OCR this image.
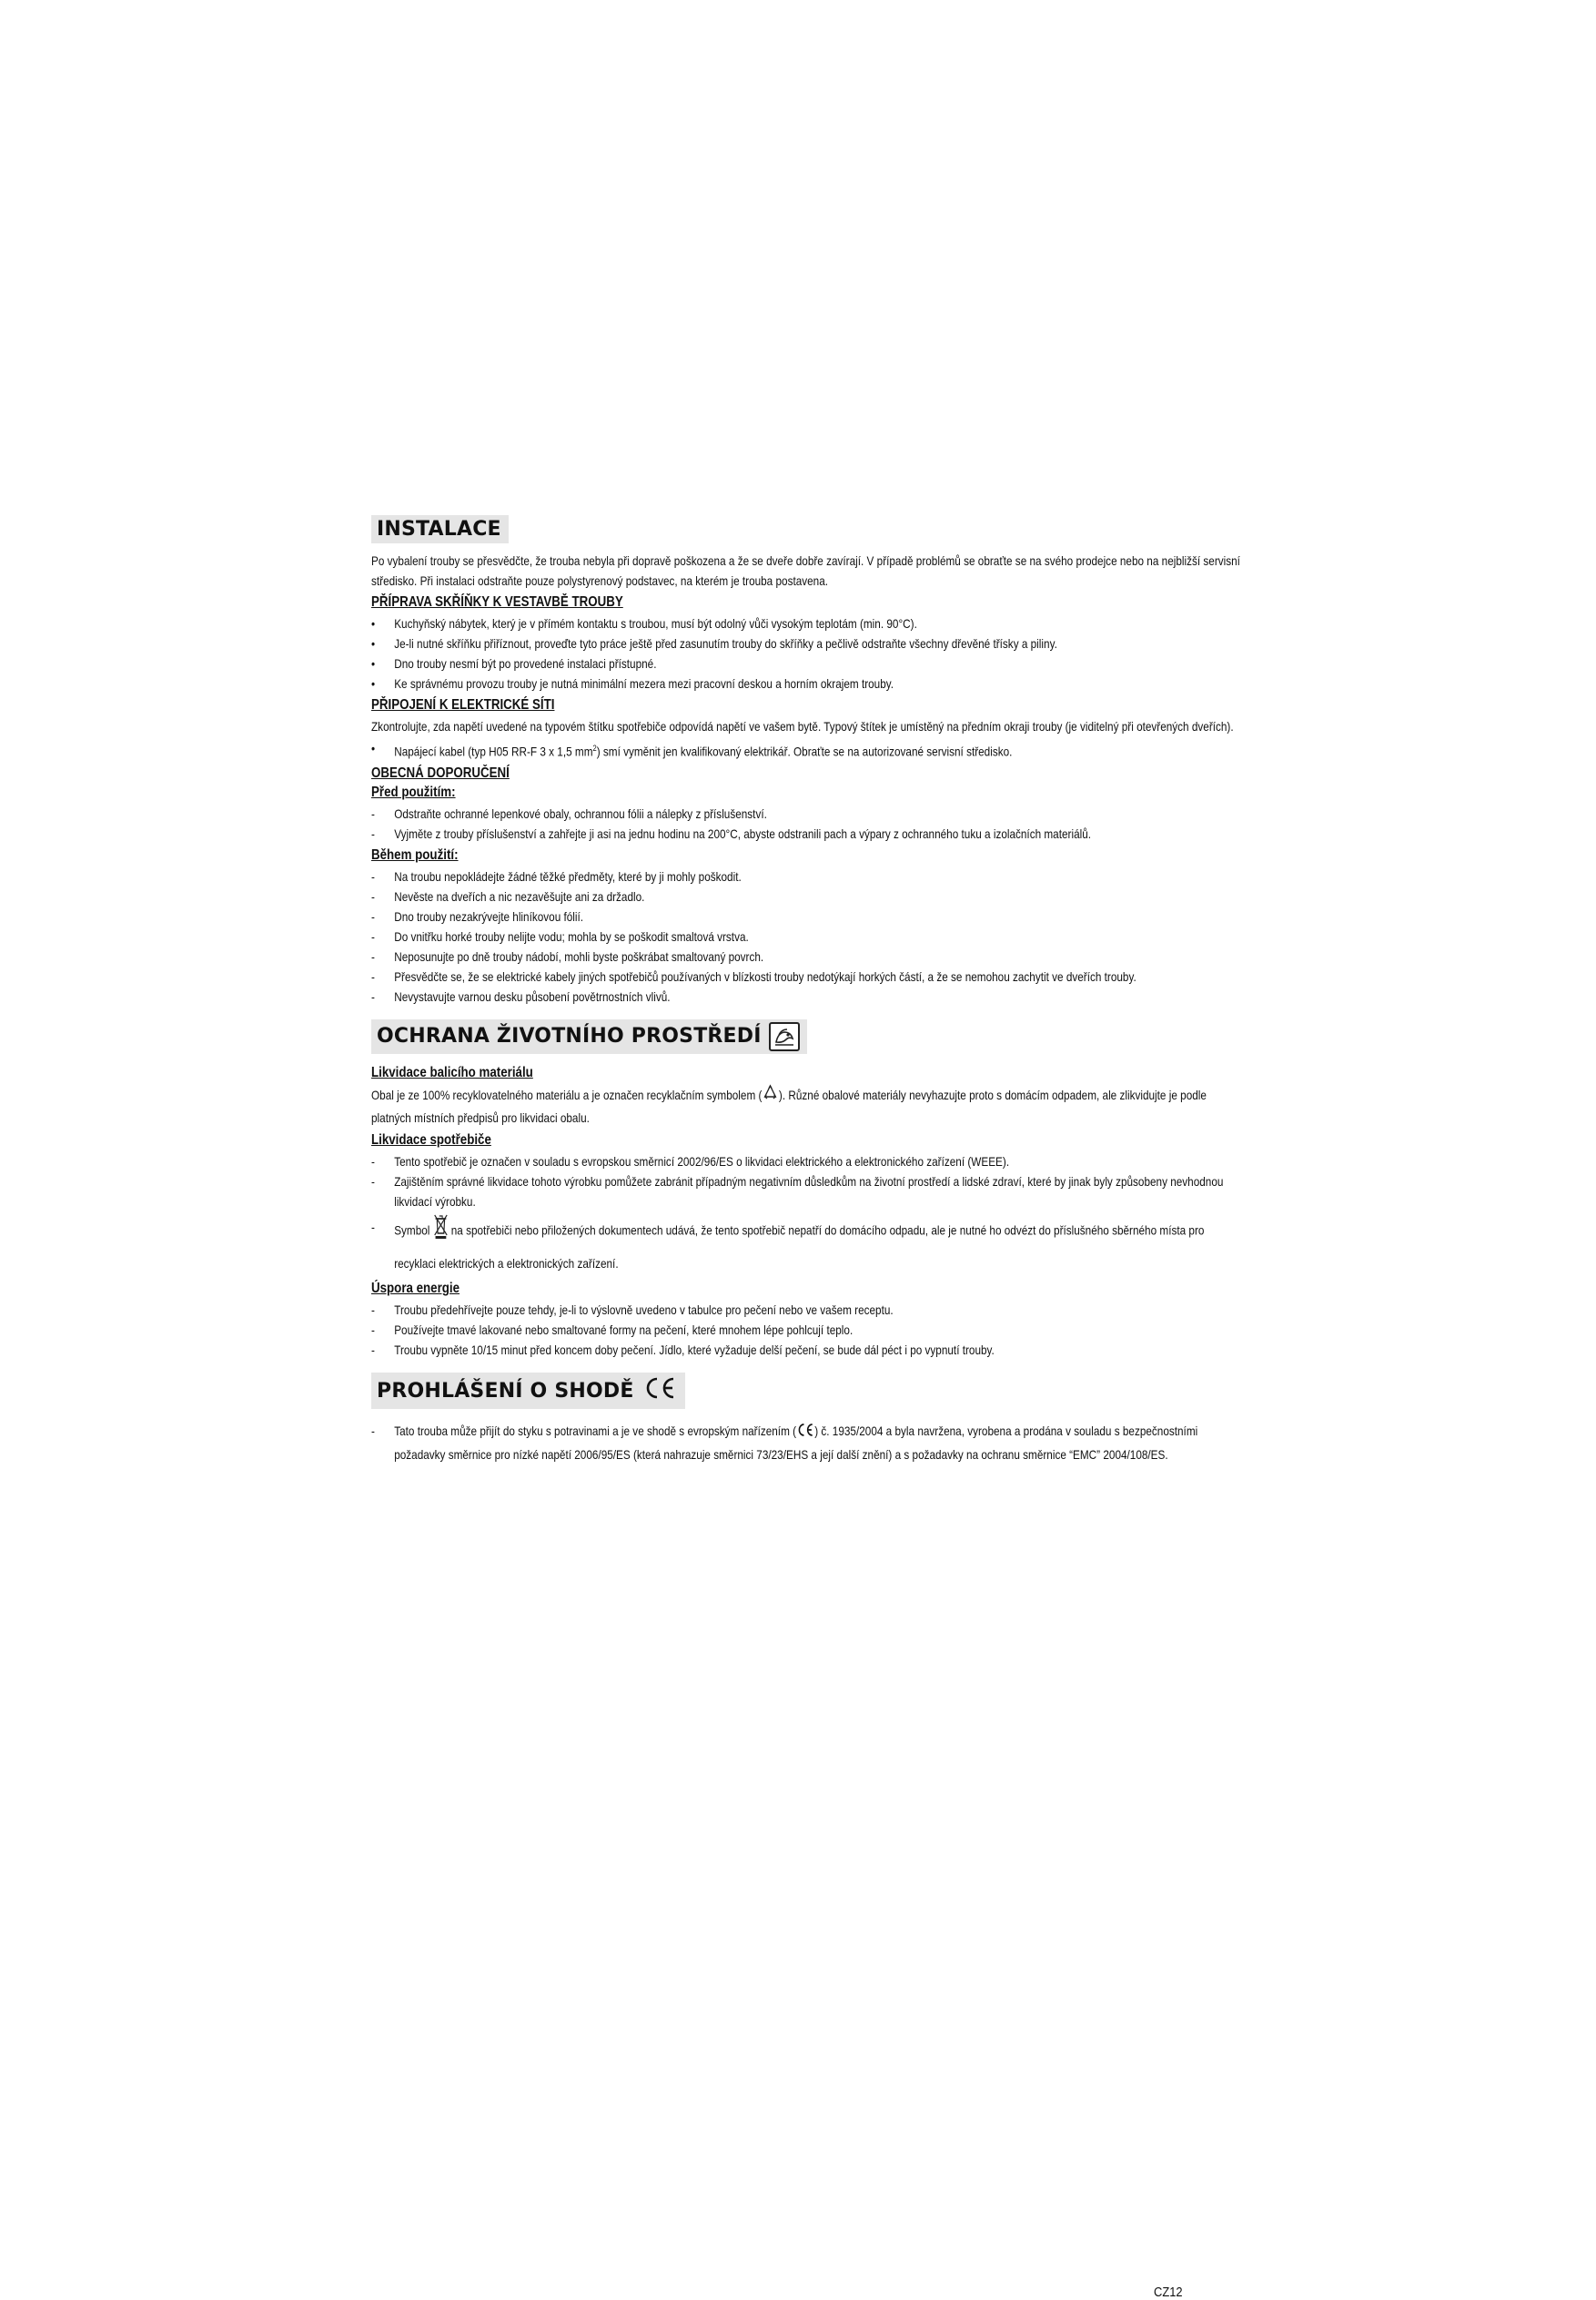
INSTALACE
Po vybalení trouby se přesvědčte, že trouba nebyla při dopravě poškozena a že se dveře dobře zavírají. V případě problémů se obraťte se na svého prodejce nebo na nejbližší servisní středisko. Při instalaci odstraňte pouze polystyrenový podstavec, na kterém je trouba postavena.
PŘÍPRAVA SKŘÍŇKY K VESTAVBĚ TROUBY
• Kuchyňský nábytek, který je v přímém kontaktu s troubou, musí být odolný vůči vysokým teplotám (min. 90°C).
• Je-li nutné skříňku přiříznout, proveďte tyto práce ještě před zasunutím trouby do skříňky a pečlivě odstraňte všechny dřevěné třísky a piliny.
• Dno trouby nesmí být po provedené instalaci přístupné.
• Ke správnému provozu trouby je nutná minimální mezera mezi pracovní deskou a horním okrajem trouby.
PŘIPOJENÍ K ELEKTRICKÉ SÍTI
Zkontrolujte, zda napětí uvedené na typovém štítku spotřebiče odpovídá napětí ve vašem bytě. Typový štítek je umístěný na předním okraji trouby (je viditelný při otevřených dveřích).
• Napájecí kabel (typ H05 RR-F 3 x 1,5 $mm^2$) smí vyměnit jen kvalifikovaný elektrikář. Obraťte se na autorizované servisní středisko.
OBECNÁ DOPORUČENÍ
Před použitím:
- Odstraňte ochranné lepenkové obaly, ochrannou fólii a nálepky z příslušenství.
- Vyjměte z trouby příslušenství a zahřejte ji asi na jednu hodinu na 200°C, abyste odstranili pach a výpary z ochranného tuku a izolačních materiálů.
Během použití:
- Na troubu nepokládejte žádné těžké předměty, které by ji mohly poškodit.
- Nevěste na dveřích a nic nezavěšujte ani za držadlo.
- Dno trouby nezakrývejte hliníkovou fólií.
- Do vnitřku horké trouby nelijte vodu; mohla by se poškodit smaltová vrstva.
- Neposunujte po dně trouby nádobí, mohli byste poškrábat smaltovaný povrch.
- Přesvědčte se, že se elektrické kabely jiných spotřebičů používaných v blízkosti trouby nedotýkají horkých částí, a že se nemohou zachytit ve dveřích trouby.
- Nevystavujte varnou desku působení povětrnostních vlivů.
OCHRANA ŽIVOTNÍHO PROSTŘEDÍ
Likvidace balicího materiálu
Obal je ze 100% recyklovatelného materiálu a je označen recyklačním symbolem ( ). Různé obalové materiály nevyhazujte proto s domácím odpadem, ale zlikvidujte je podle platných místních předpisů pro likvidaci obalu.
Likvidace spotřebiče
- Tento spotřebič je označen v souladu s evropskou směrnicí 2002/96/ES o likvidaci elektrického a elektronického zařízení (WEEE).
- Zajištěním správné likvidace tohoto výrobku pomůžete zabránit případným negativním důsledkům na životní prostředí a lidské zdraví, které by jinak byly způsobeny nevhodnou likvidací výrobku.
- Symbol na spotřebiči nebo přiložených dokumentech udává, že tento spotřebič nepatří do domácího odpadu, ale je nutné ho odvézt do příslušného sběrného místa pro recyklaci elektrických a elektronických zařízení.
Úspora energie
- Troubu předehřívejte pouze tehdy, je-li to výslovně uvedeno v tabulce pro pečení nebo ve vašem receptu.
- Používejte tmavé lakované nebo smaltované formy na pečení, které mnohem lépe pohlcují teplo.
- Troubu vypněte 10/15 minut před koncem doby pečení. Jídlo, které vyžaduje delší pečení, se bude dál péct i po vypnutí trouby.
PROHLÁŠENÍ O SHODĚ
- Tato trouba může přijít do styku s potravinami a je ve shodě s evropským nařízením ( ) č. 1935/2004 a byla navržena, vyrobena a prodána v souladu s bezpečnostními požadavky směrnice pro nízké napětí 2006/95/ES (která nahrazuje směrnici 73/23/EHS a její další znění) a s požadavky na ochranu směrnice “EMC” 2004/108/ES.
CZ12
